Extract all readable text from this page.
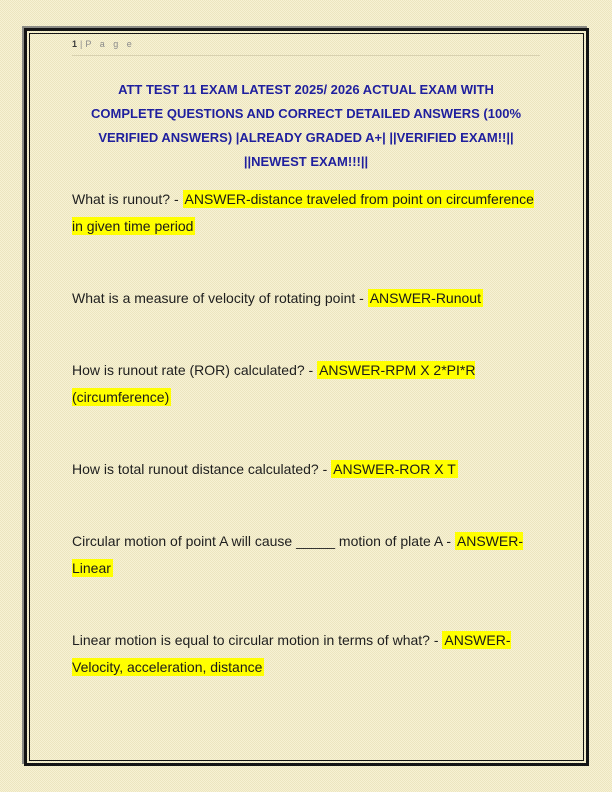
1 | P a g e
ATT TEST 11 EXAM LATEST 2025/ 2026 ACTUAL EXAM WITH
COMPLETE QUESTIONS AND CORRECT DETAILED ANSWERS (100%
VERIFIED ANSWERS) |ALREADY GRADED A+| ||VERIFIED EXAM!!||
||NEWEST EXAM!!!||

What is runout? - ANSWER-distance traveled from point on circumference in given time period

What is a measure of velocity of rotating point - ANSWER-Runout

How is runout rate (ROR) calculated? - ANSWER-RPM X 2*PI*R (circumference)

How is total runout distance calculated? - ANSWER-ROR X T

Circular motion of point A will cause _____ motion of plate A - ANSWER-Linear

Linear motion is equal to circular motion in terms of what? - ANSWER-Velocity, acceleration, distance
